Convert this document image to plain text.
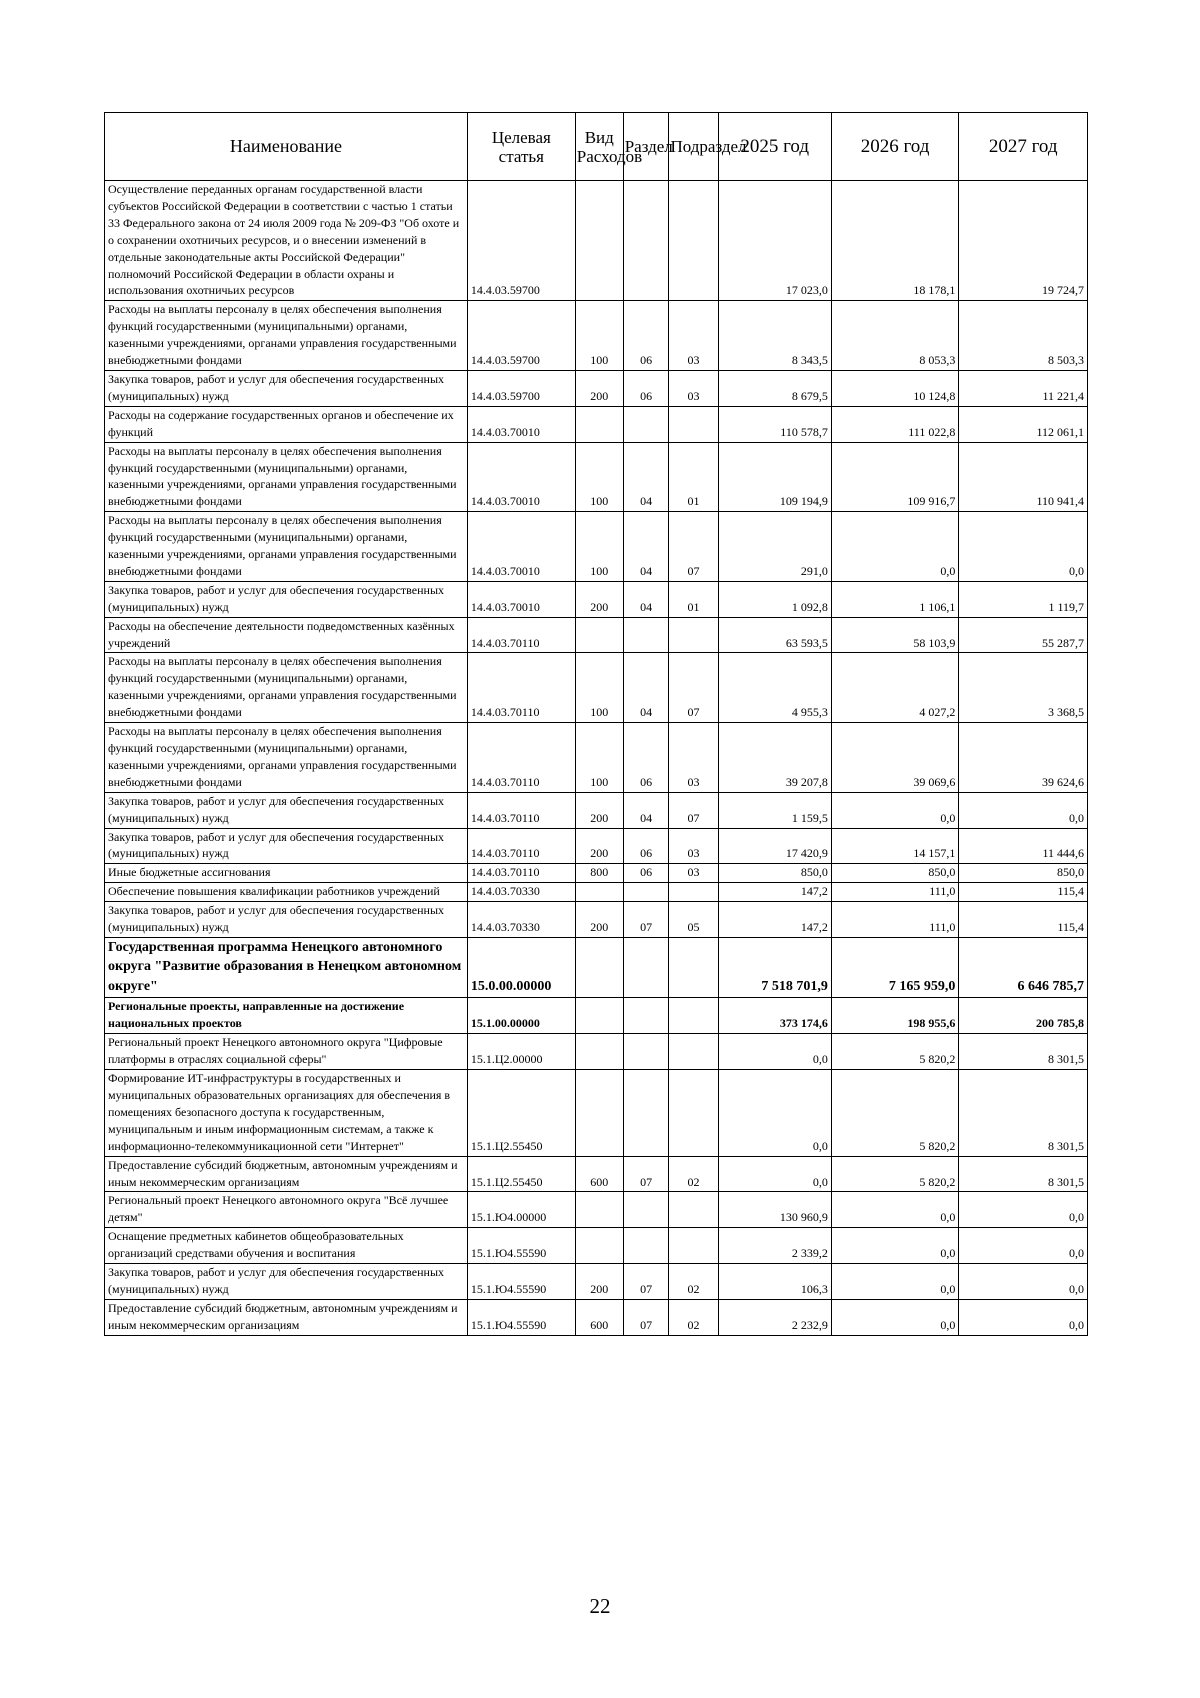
Наименование	Целевая статья	Вид Расходов	Раздел	Подраздел	2025 год	2026 год	2027 год
Осуществление переданных органам государственной власти субъектов Российской Федерации в соответствии с частью 1 статьи 33 Федерального закона от 24 июля 2009 года № 209-ФЗ "Об охоте и о сохранении охотничьих ресурсов, и о внесении изменений в отдельные законодательные акты Российской Федерации" полномочий Российской Федерации в области охраны и использования охотничьих ресурсов	14.4.03.59700				17 023,0	18 178,1	19 724,7
Расходы на выплаты персоналу в целях обеспечения выполнения функций государственными (муниципальными) органами, казенными учреждениями, органами управления государственными внебюджетными фондами	14.4.03.59700	100	06	03	8 343,5	8 053,3	8 503,3
Закупка товаров, работ и услуг для обеспечения государственных (муниципальных) нужд	14.4.03.59700	200	06	03	8 679,5	10 124,8	11 221,4
Расходы на содержание государственных органов и обеспечение их функций	14.4.03.70010				110 578,7	111 022,8	112 061,1
Расходы на выплаты персоналу в целях обеспечения выполнения функций государственными (муниципальными) органами, казенными учреждениями, органами управления государственными внебюджетными фондами	14.4.03.70010	100	04	01	109 194,9	109 916,7	110 941,4
Расходы на выплаты персоналу в целях обеспечения выполнения функций государственными (муниципальными) органами, казенными учреждениями, органами управления государственными внебюджетными фондами	14.4.03.70010	100	04	07	291,0	0,0	0,0
Закупка товаров, работ и услуг для обеспечения государственных (муниципальных) нужд	14.4.03.70010	200	04	01	1 092,8	1 106,1	1 119,7
Расходы на обеспечение деятельности подведомственных казённых учреждений	14.4.03.70110				63 593,5	58 103,9	55 287,7
Расходы на выплаты персоналу в целях обеспечения выполнения функций государственными (муниципальными) органами, казенными учреждениями, органами управления государственными внебюджетными фондами	14.4.03.70110	100	04	07	4 955,3	4 027,2	3 368,5
Расходы на выплаты персоналу в целях обеспечения выполнения функций государственными (муниципальными) органами, казенными учреждениями, органами управления государственными внебюджетными фондами	14.4.03.70110	100	06	03	39 207,8	39 069,6	39 624,6
Закупка товаров, работ и услуг для обеспечения государственных (муниципальных) нужд	14.4.03.70110	200	04	07	1 159,5	0,0	0,0
Закупка товаров, работ и услуг для обеспечения государственных (муниципальных) нужд	14.4.03.70110	200	06	03	17 420,9	14 157,1	11 444,6
Иные бюджетные ассигнования	14.4.03.70110	800	06	03	850,0	850,0	850,0
Обеспечение повышения квалификации работников учреждений	14.4.03.70330				147,2	111,0	115,4
Закупка товаров, работ и услуг для обеспечения государственных (муниципальных) нужд	14.4.03.70330	200	07	05	147,2	111,0	115,4
Государственная программа Ненецкого автономного округа "Развитие образования в Ненецком автономном округе"	15.0.00.00000				7 518 701,9	7 165 959,0	6 646 785,7
Региональные проекты, направленные на достижение национальных проектов	15.1.00.00000				373 174,6	198 955,6	200 785,8
Региональный проект Ненецкого автономного округа "Цифровые платформы в отраслях социальной сферы"	15.1.Ц2.00000				0,0	5 820,2	8 301,5
Формирование ИТ-инфраструктуры в государственных и муниципальных образовательных организациях для обеспечения в помещениях безопасного доступа к государственным, муниципальным и иным информационным системам, а также к информационно-телекоммуникационной сети "Интернет"	15.1.Ц2.55450				0,0	5 820,2	8 301,5
Предоставление субсидий бюджетным, автономным учреждениям и иным некоммерческим организациям	15.1.Ц2.55450	600	07	02	0,0	5 820,2	8 301,5
Региональный проект Ненецкого автономного округа "Всё лучшее детям"	15.1.Ю4.00000				130 960,9	0,0	0,0
Оснащение предметных кабинетов общеобразовательных организаций средствами обучения и воспитания	15.1.Ю4.55590				2 339,2	0,0	0,0
Закупка товаров, работ и услуг для обеспечения государственных (муниципальных) нужд	15.1.Ю4.55590	200	07	02	106,3	0,0	0,0
Предоставление субсидий бюджетным, автономным учреждениям и иным некоммерческим организациям	15.1.Ю4.55590	600	07	02	2 232,9	0,0	0,0
22
